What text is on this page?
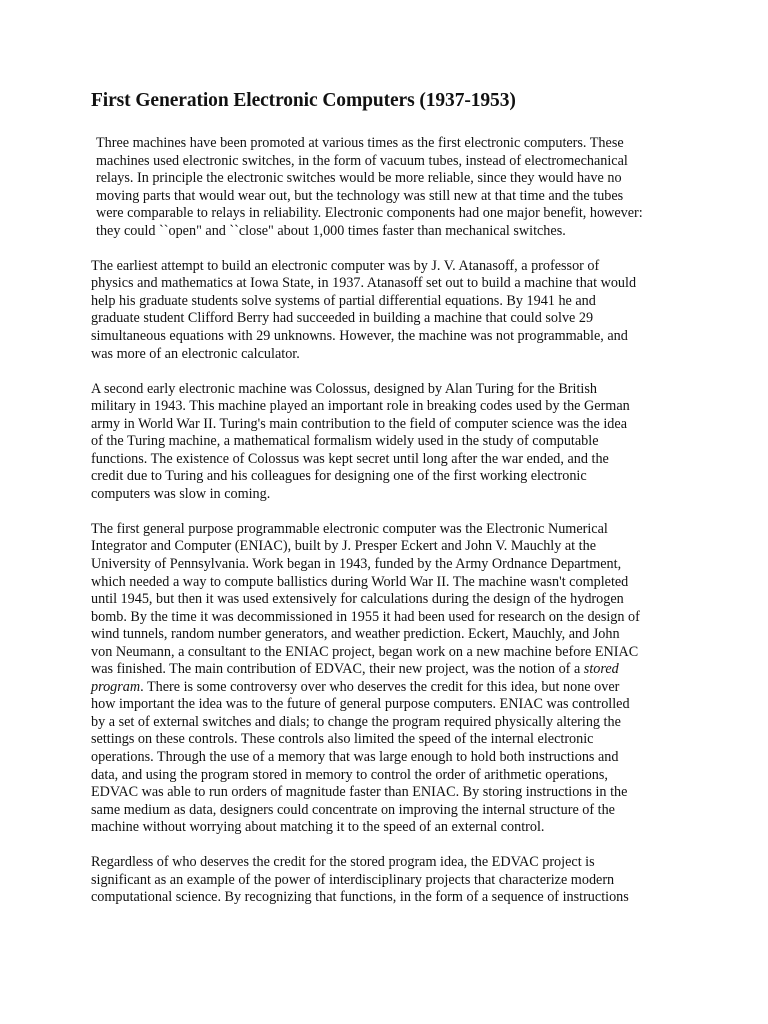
First Generation Electronic Computers (1937-1953)

Three machines have been promoted at various times as the first electronic computers. These
machines used electronic switches, in the form of vacuum tubes, instead of electromechanical
relays. In principle the electronic switches would be more reliable, since they would have no
moving parts that would wear out, but the technology was still new at that time and the tubes
were comparable to relays in reliability. Electronic components had one major benefit, however:
they could ``open" and ``close" about 1,000 times faster than mechanical switches.

The earliest attempt to build an electronic computer was by J. V. Atanasoff, a professor of
physics and mathematics at Iowa State, in 1937. Atanasoff set out to build a machine that would
help his graduate students solve systems of partial differential equations. By 1941 he and
graduate student Clifford Berry had succeeded in building a machine that could solve 29
simultaneous equations with 29 unknowns. However, the machine was not programmable, and
was more of an electronic calculator.

A second early electronic machine was Colossus, designed by Alan Turing for the British
military in 1943. This machine played an important role in breaking codes used by the German
army in World War II. Turing's main contribution to the field of computer science was the idea
of the Turing machine, a mathematical formalism widely used in the study of computable
functions. The existence of Colossus was kept secret until long after the war ended, and the
credit due to Turing and his colleagues for designing one of the first working electronic
computers was slow in coming.

The first general purpose programmable electronic computer was the Electronic Numerical
Integrator and Computer (ENIAC), built by J. Presper Eckert and John V. Mauchly at the
University of Pennsylvania. Work began in 1943, funded by the Army Ordnance Department,
which needed a way to compute ballistics during World War II. The machine wasn't completed
until 1945, but then it was used extensively for calculations during the design of the hydrogen
bomb. By the time it was decommissioned in 1955 it had been used for research on the design of
wind tunnels, random number generators, and weather prediction. Eckert, Mauchly, and John
von Neumann, a consultant to the ENIAC project, began work on a new machine before ENIAC
was finished. The main contribution of EDVAC, their new project, was the notion of a stored
program. There is some controversy over who deserves the credit for this idea, but none over
how important the idea was to the future of general purpose computers. ENIAC was controlled
by a set of external switches and dials; to change the program required physically altering the
settings on these controls. These controls also limited the speed of the internal electronic
operations. Through the use of a memory that was large enough to hold both instructions and
data, and using the program stored in memory to control the order of arithmetic operations,
EDVAC was able to run orders of magnitude faster than ENIAC. By storing instructions in the
same medium as data, designers could concentrate on improving the internal structure of the
machine without worrying about matching it to the speed of an external control.

Regardless of who deserves the credit for the stored program idea, the EDVAC project is
significant as an example of the power of interdisciplinary projects that characterize modern
computational science. By recognizing that functions, in the form of a sequence of instructions
